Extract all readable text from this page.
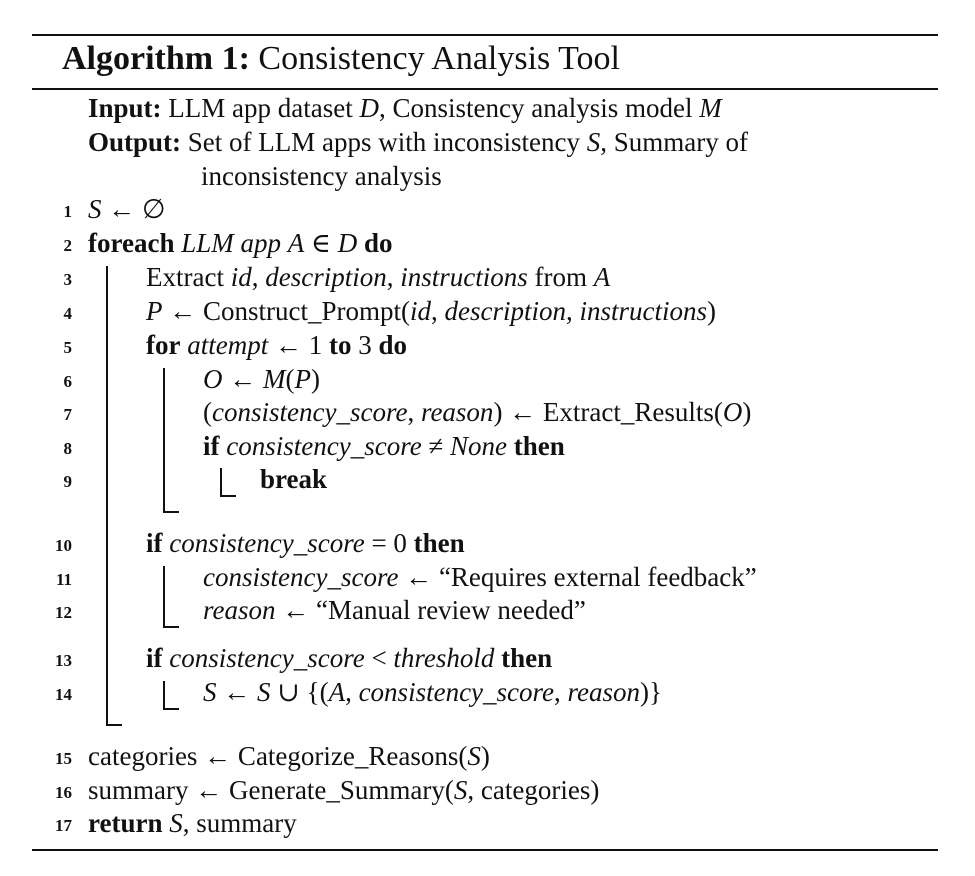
Algorithm 1: Consistency Analysis Tool
Input: LLM app dataset D, Consistency analysis model M
Output: Set of LLM apps with inconsistency S, Summary of
inconsistency analysis
1
2
3
4
5
6
7
8
9
10
11
12
13
14
15
16
17
S ← ∅
foreach LLM app A ∈ D do
Extract id, description, instructions from A
P ← Construct_Prompt(id, description, instructions)
for attempt ← 1 to 3 do
O ← M(P)
(consistency_score, reason) ← Extract_Results(O)
if consistency_score ≠ None then
break
if consistency_score = 0 then
consistency_score ← “Requires external feedback”
reason ← “Manual review needed”
if consistency_score < threshold then
S ← S ∪ {(A, consistency_score, reason)}
categories ← Categorize_Reasons(S)
summary ← Generate_Summary(S, categories)
return S, summary
